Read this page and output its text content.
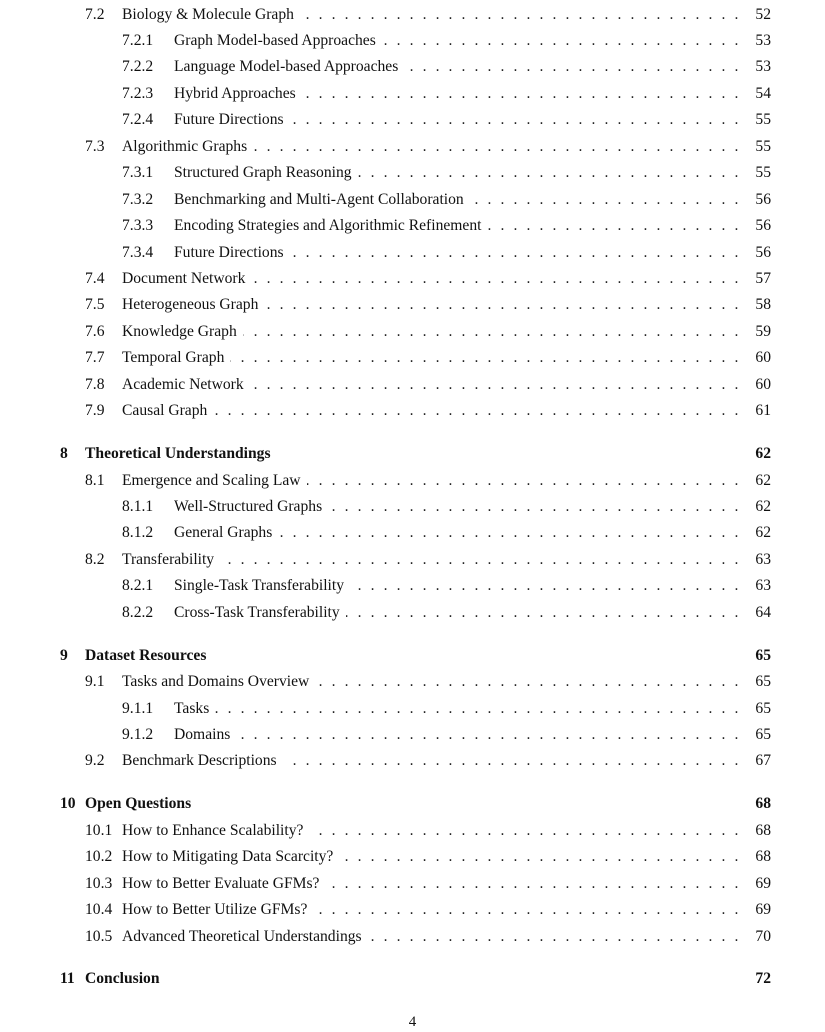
7.2 Biology & Molecule Graph . . .	52
7.2.1 Graph Model-based Approaches . . .	53
7.2.2 Language Model-based Approaches . . .	53
7.2.3 Hybrid Approaches . . .	54
7.2.4 Future Directions . . .	55
7.3 Algorithmic Graphs . . .	55
7.3.1 Structured Graph Reasoning . . .	55
7.3.2 Benchmarking and Multi-Agent Collaboration . . .	56
7.3.3 Encoding Strategies and Algorithmic Refinement . . .	56
7.3.4 Future Directions . . .	56
7.4 Document Network . . .	57
7.5 Heterogeneous Graph . . .	58
7.6 Knowledge Graph . . .	59
7.7 Temporal Graph . . .	60
7.8 Academic Network . . .	60
7.9 Causal Graph . . .	61
8 Theoretical Understandings	62
8.1 Emergence and Scaling Law . . .	62
8.1.1 Well-Structured Graphs . . .	62
8.1.2 General Graphs . . .	62
8.2 Transferability . . .	63
8.2.1 Single-Task Transferability . . .	63
8.2.2 Cross-Task Transferability . . .	64
9 Dataset Resources	65
9.1 Tasks and Domains Overview . . .	65
9.1.1 Tasks . . .	65
9.1.2 Domains . . .	65
9.2 Benchmark Descriptions . . .	67
10 Open Questions	68
10.1 How to Enhance Scalability? . . .	68
10.2 How to Mitigating Data Scarcity? . . .	68
10.3 How to Better Evaluate GFMs? . . .	69
10.4 How to Better Utilize GFMs? . . .	69
10.5 Advanced Theoretical Understandings . . .	70
11 Conclusion	72
4
